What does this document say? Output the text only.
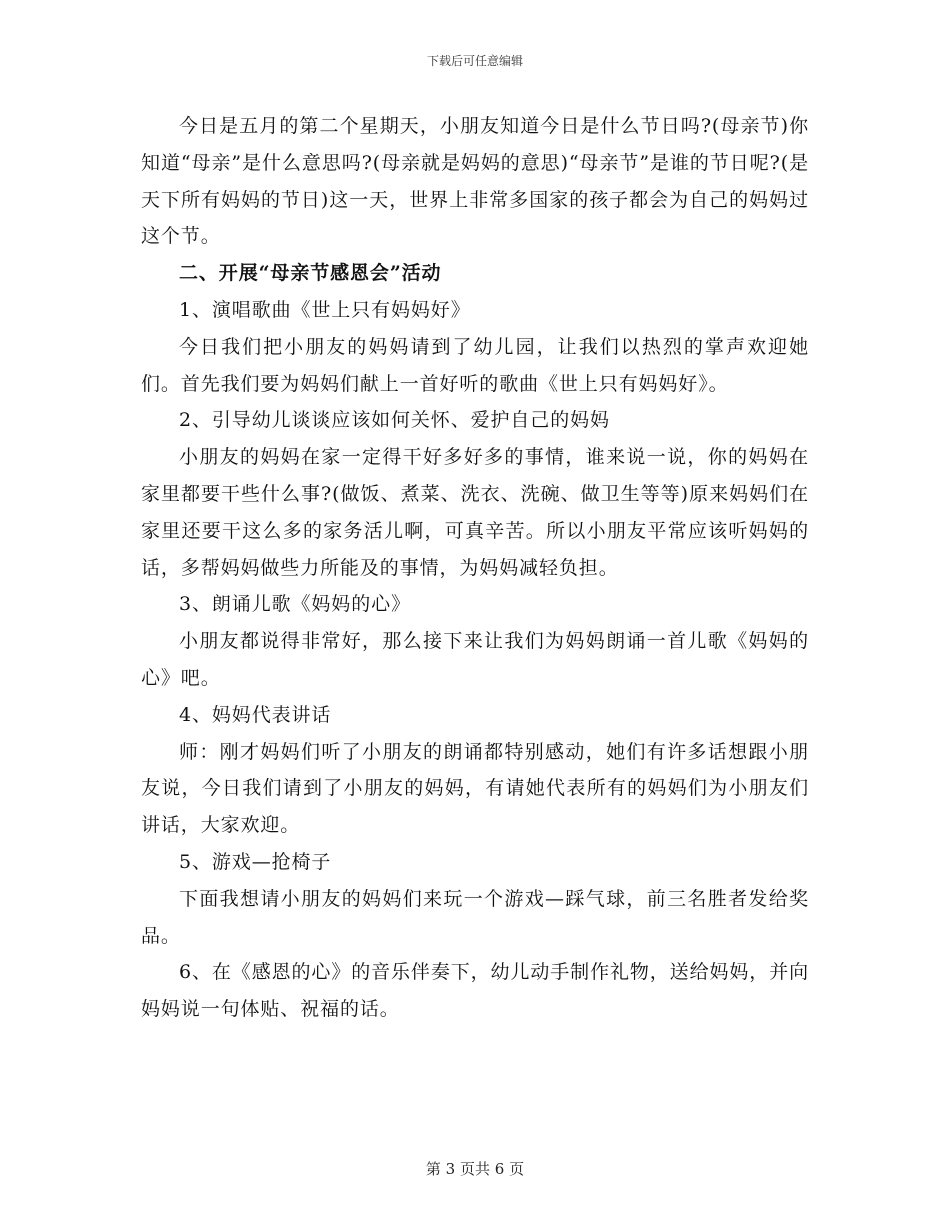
下载后可任意编辑

今日是五月的第二个星期天，小朋友知道今日是什么节日吗?(母亲节)你知道“母亲”是什么意思吗?(母亲就是妈妈的意思)“母亲节”是谁的节日呢?(是天下所有妈妈的节日)这一天，世界上非常多国家的孩子都会为自己的妈妈过这个节。

二、开展“母亲节感恩会”活动

1、演唱歌曲《世上只有妈妈好》

今日我们把小朋友的妈妈请到了幼儿园，让我们以热烈的掌声欢迎她们。首先我们要为妈妈们献上一首好听的歌曲《世上只有妈妈好》。

2、引导幼儿谈谈应该如何关怀、爱护自己的妈妈

小朋友的妈妈在家一定得干好多好多的事情，谁来说一说，你的妈妈在家里都要干些什么事?(做饭、煮菜、洗衣、洗碗、做卫生等等)原来妈妈们在家里还要干这么多的家务活儿啊，可真辛苦。所以小朋友平常应该听妈妈的话，多帮妈妈做些力所能及的事情，为妈妈减轻负担。

3、朗诵儿歌《妈妈的心》

小朋友都说得非常好，那么接下来让我们为妈妈朗诵一首儿歌《妈妈的心》吧。

4、妈妈代表讲话

师：刚才妈妈们听了小朋友的朗诵都特别感动，她们有许多话想跟小朋友说，今日我们请到了小朋友的妈妈，有请她代表所有的妈妈们为小朋友们讲话，大家欢迎。

5、游戏—抢椅子

下面我想请小朋友的妈妈们来玩一个游戏—踩气球，前三名胜者发给奖品。

6、在《感恩的心》的音乐伴奏下，幼儿动手制作礼物，送给妈妈，并向妈妈说一句体贴、祝福的话。

第 3 页共 6 页
